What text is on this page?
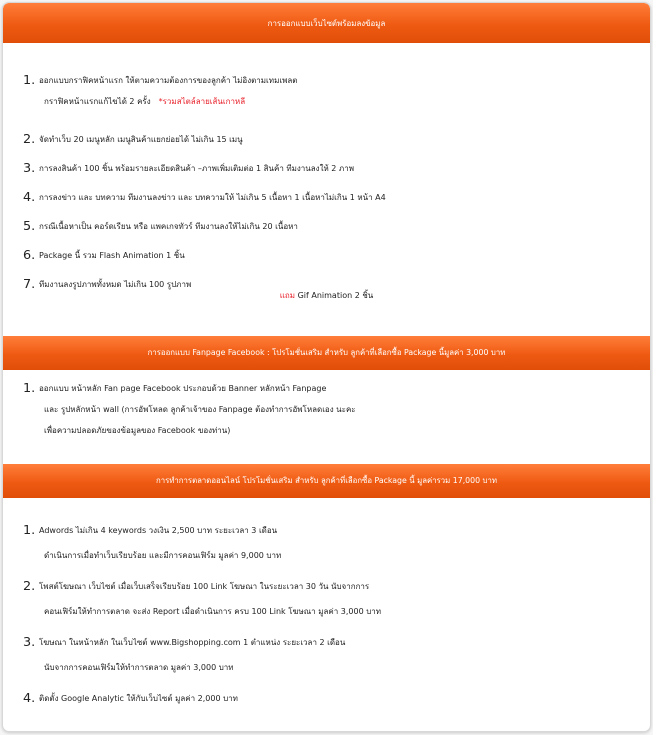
การออกแบบเว็บไซต์พร้อมลงข้อมูล
1. ออกแบบกราฟิคหน้าแรก ให้ตามความต้องการของลูกค้า ไม่อิงตามเทมเพลต
กราฟิคหน้าแรกแก้ไขได้ 2 ครั้ง *รวมสไตล์ลายเส้นเกาหลี
2. จัดทำเว็บ 20 เมนูหลัก เมนูสินค้าแยกย่อยได้ ไม่เกิน 15 เมนู
3. การลงสินค้า 100 ชิ้น พร้อมรายละเอียดสินค้า –ภาพเพิ่มเติมต่อ 1 สินค้า ทีมงานลงให้ 2 ภาพ
4. การลงข่าว และ บทความ ทีมงานลงข่าว และ บทความให้ ไม่เกิน 5 เนื้อหา 1 เนื้อหาไม่เกิน 1 หน้า A4
5. กรณีเนื้อหาเป็น คอร์ดเรียน หรือ แพคเกจทัวร์ ทีมงานลงให้ไม่เกิน 20 เนื้อหา
6. Package นี้ รวม Flash Animation 1 ชิ้น
7. ทีมงานลงรูปภาพทั้งหมด ไม่เกิน 100 รูปภาพ
แถม Gif Animation 2 ชิ้น
การออกแบบ Fanpage Facebook : โปรโมชั่นเสริม สำหรับ ลูกค้าที่เลือกซื้อ Package นี้มูลค่า 3,000 บาท
1. ออกแบบ หน้าหลัก Fan page Facebook ประกอบด้วย Banner หลักหน้า Fanpage
และ รูปหลักหน้า wall (การอัพโหลด ลูกค้าเจ้าของ Fanpage ต้องทำการอัพโหลดเอง นะคะ
เพื่อความปลอดภัยของข้อมูลของ Facebook ของท่าน)
การทำการตลาดออนไลน์ โปรโมชั่นเสริม สำหรับ ลูกค้าที่เลือกซื้อ Package นี้ มูลค่ารวม 17,000 บาท
1. Adwords ไม่เกิน 4 keywords วงเงิน 2,500 บาท ระยะเวลา 3 เดือน
ดำเนินการเมื่อทำเว็บเรียบร้อย และมีการคอนเฟิร์ม มูลค่า 9,000 บาท
2. โพสต์โฆษณา เว็บไซต์ เมื่อเว็บเสร็จเรียบร้อย 100 Link โฆษณา ในระยะเวลา 30 วัน นับจากการ
คอนเฟิร์มให้ทำการตลาด จะส่ง Report เมื่อดำเนินการ ครบ 100 Link โฆษณา มูลค่า 3,000 บาท
3. โฆษณา ในหน้าหลัก ในเว็บไซต์ www.Bigshopping.com 1 ตำแหน่ง ระยะเวลา 2 เดือน
นับจากการคอนเฟิร์มให้ทำการตลาด มูลค่า 3,000 บาท
4. ติดตั้ง Google Analytic ให้กับเว็บไซต์ มูลค่า 2,000 บาท
